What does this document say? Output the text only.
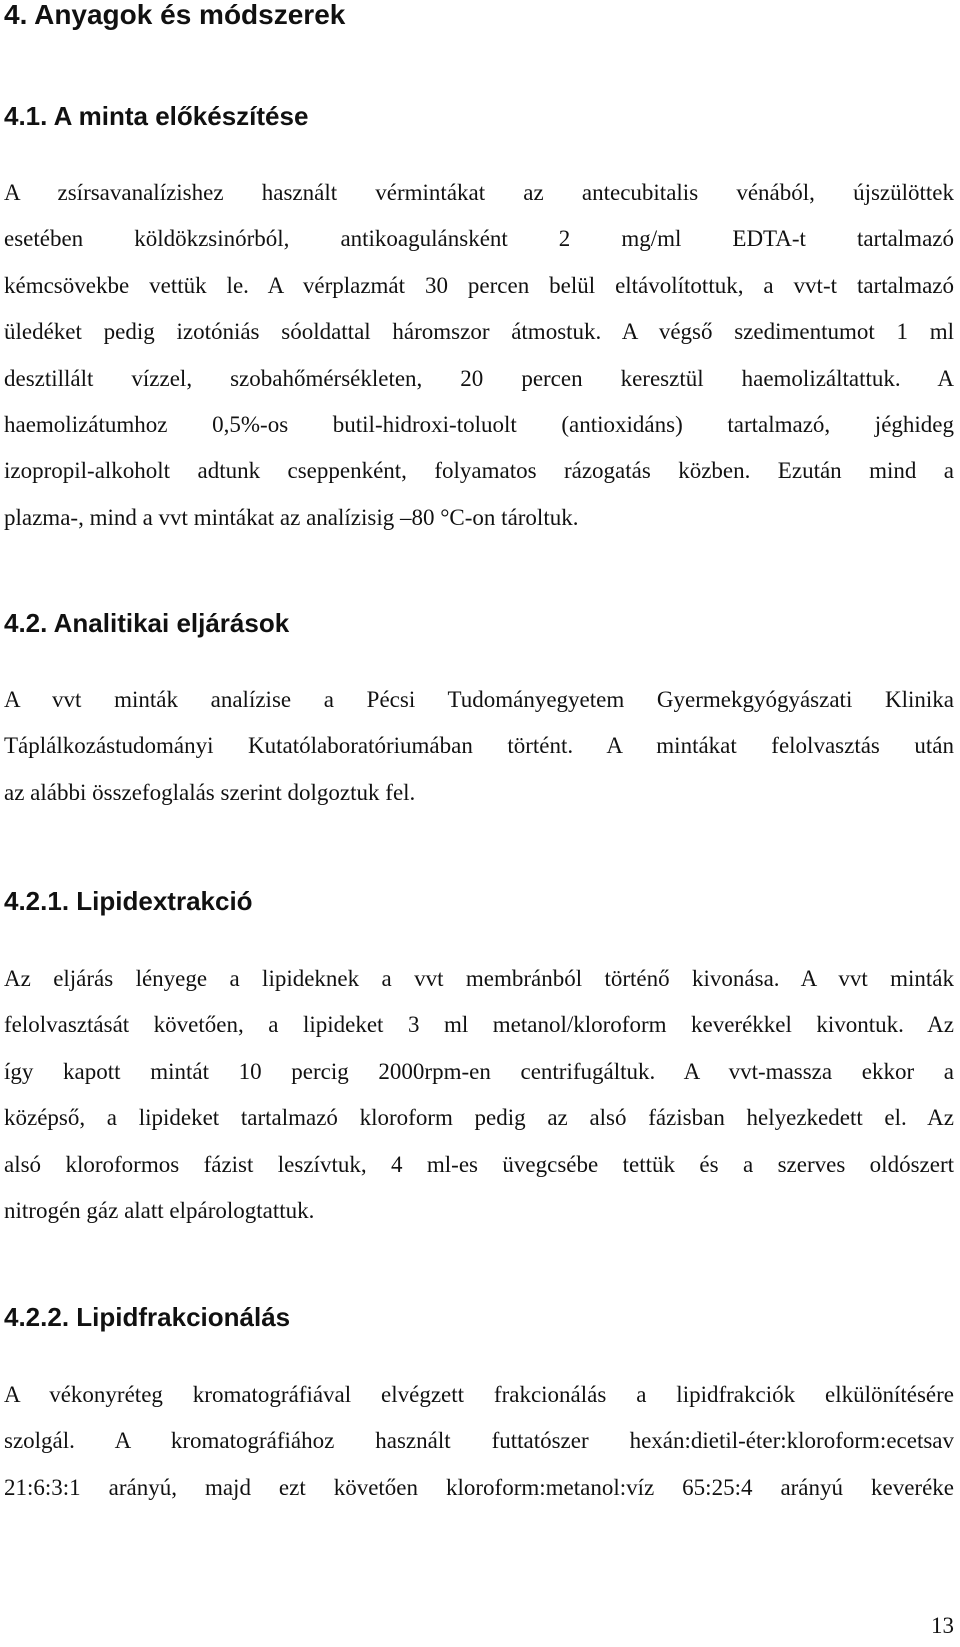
4. Anyagok és módszerek
4.1. A minta előkészítése
A zsírsavanalízishez használt vérmintákat az antecubitalis vénából, újszülöttek
esetében köldökzsinórból, antikoagulánsként 2 mg/ml EDTA-t tartalmazó
kémcsövekbe vettük le. A vérplazmát 30 percen belül eltávolítottuk, a vvt-t tartalmazó
üledéket pedig izotóniás sóoldattal háromszor átmostuk. A végső szedimentumot 1 ml
desztillált vízzel, szobahőmérsékleten, 20 percen keresztül haemolizáltattuk. A
haemolizátumhoz 0,5%-os butil-hidroxi-toluolt (antioxidáns) tartalmazó, jéghideg
izopropil-alkoholt adtunk cseppenként, folyamatos rázogatás közben. Ezután mind a
plazma-, mind a vvt mintákat az analízisig –80 °C-on tároltuk.
4.2. Analitikai eljárások
A vvt minták analízise a Pécsi Tudományegyetem Gyermekgyógyászati Klinika
Táplálkozástudományi Kutatólaboratóriumában történt. A mintákat felolvasztás után
az alábbi összefoglalás szerint dolgoztuk fel.
4.2.1. Lipidextrakció
Az eljárás lényege a lipideknek a vvt membránból történő kivonása. A vvt minták
felolvasztását követően, a lipideket 3 ml metanol/kloroform keverékkel kivontuk. Az
így kapott mintát 10 percig 2000rpm-en centrifugáltuk. A vvt-massza ekkor a
középső, a lipideket tartalmazó kloroform pedig az alsó fázisban helyezkedett el. Az
alsó kloroformos fázist leszívtuk, 4 ml-es üvegcsébe tettük és a szerves oldószert
nitrogén gáz alatt elpárologtattuk.
4.2.2. Lipidfrakcionálás
A vékonyréteg kromatográfiával elvégzett frakcionálás a lipidfrakciók elkülönítésére
szolgál. A kromatográfiához használt futtatószer hexán:dietil-éter:kloroform:ecetsav
21:6:3:1 arányú, majd ezt követően kloroform:metanol:víz 65:25:4 arányú keveréke
13
